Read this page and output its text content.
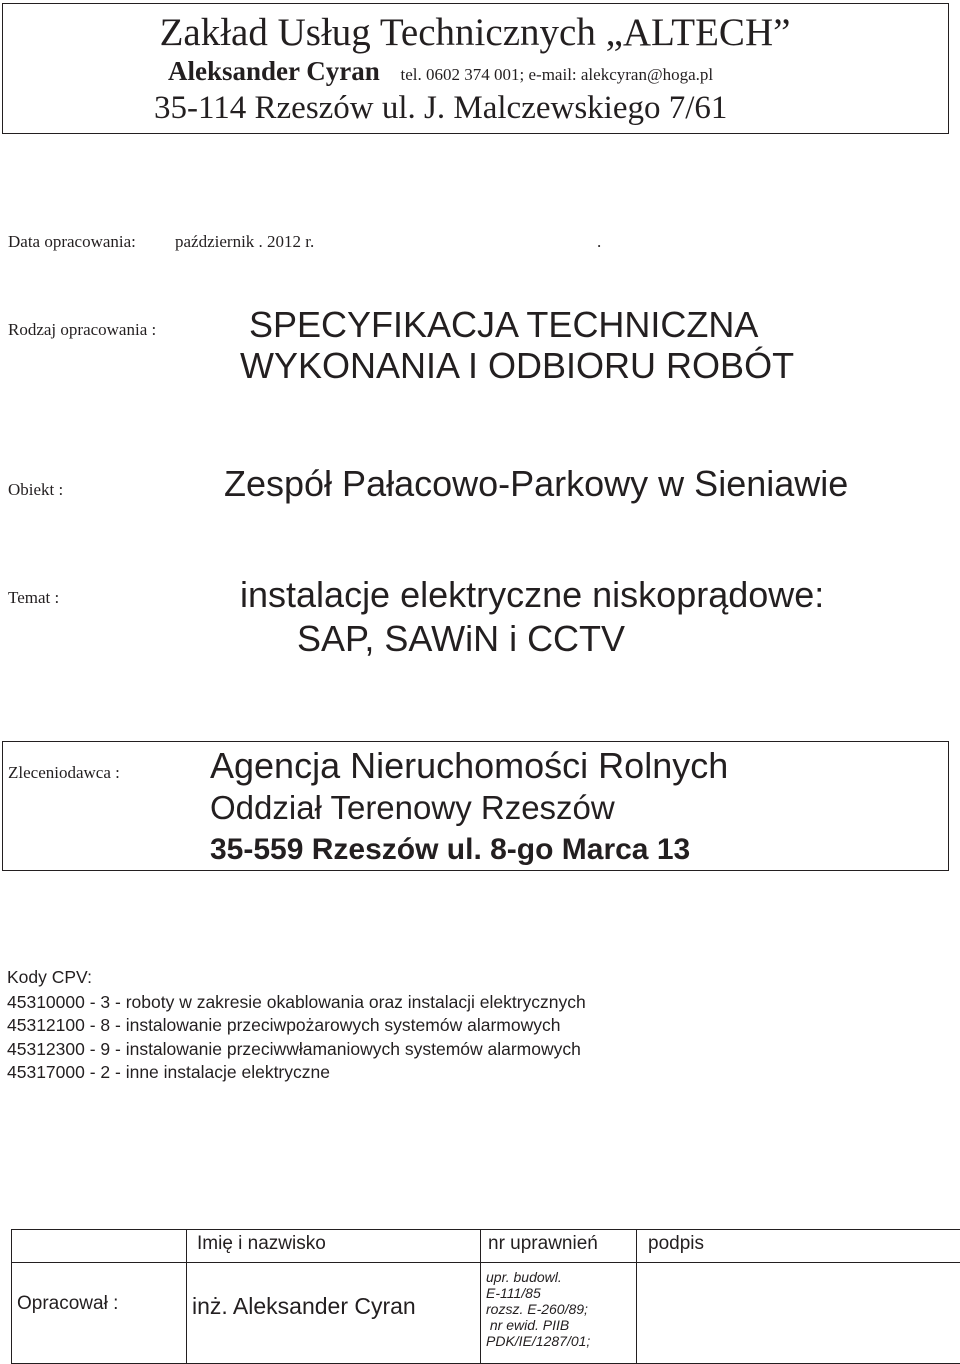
Zakład Usług Technicznych „ALTECH”
Aleksander Cyran tel. 0602 374 001; e-mail: alekcyran@hoga.pl
35-114 Rzeszów ul. J. Malczewskiego 7/61
Data opracowania: październik . 2012 r.	.
Rodzaj opracowania :	SPECYFIKACJA TECHNICZNA
WYKONANIA I ODBIORU ROBÓT
Obiekt :	Zespół Pałacowo-Parkowy w Sieniawie
Temat :	instalacje elektryczne niskoprądowe:
SAP, SAWiN i CCTV
Zleceniodawca :	Agencja Nieruchomości Rolnych
Oddział Terenowy Rzeszów
35-559 Rzeszów ul. 8-go Marca 13
Kody CPV:
45310000 - 3 - roboty w zakresie okablowania oraz instalacji elektrycznych
45312100 - 8 - instalowanie przeciwpożarowych systemów alarmowych
45312300 - 9 - instalowanie przeciwwłamaniowych systemów alarmowych
45317000 - 2 - inne instalacje elektryczne

	Imię i nazwisko	nr uprawnień	podpis

Opracował :	inż. Aleksander Cyran	upr. budowl.
E-111/85
rozsz. E-260/89;
nr ewid. PIIB
PDK/IE/1287/01;	
